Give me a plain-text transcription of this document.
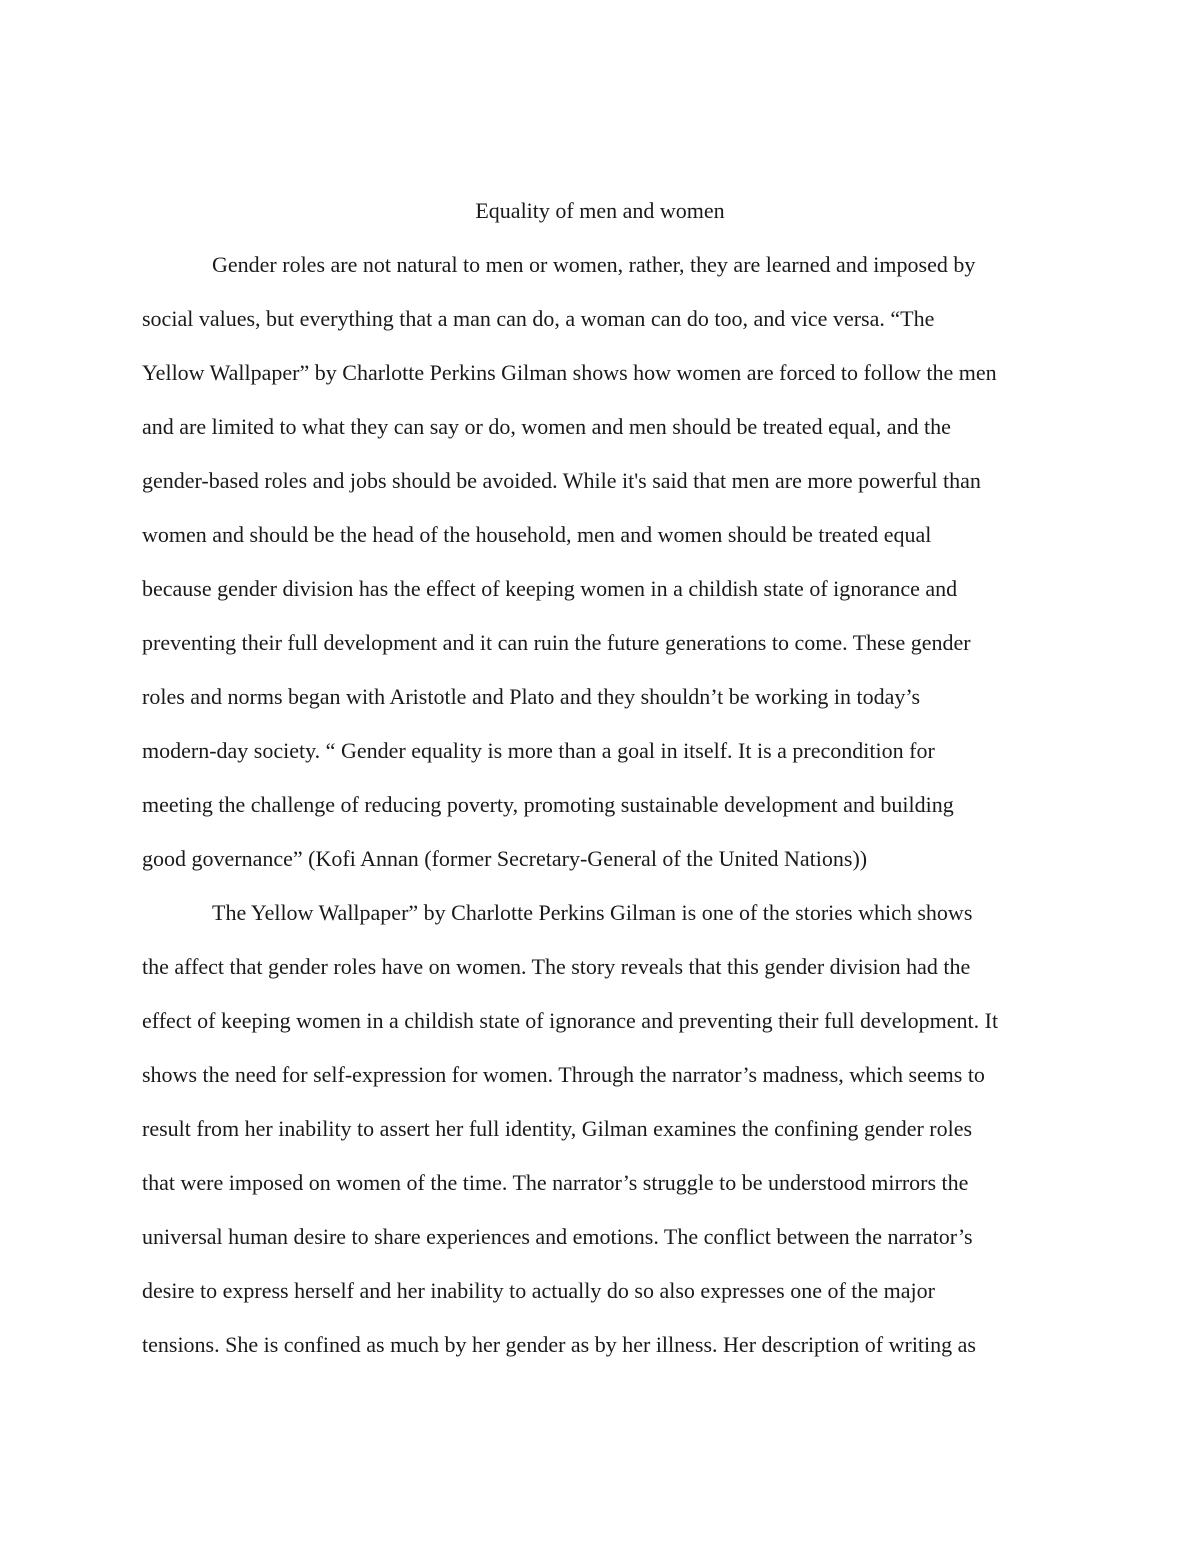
Equality of men and women

Gender roles are not natural to men or women, rather, they are learned and imposed by

social values, but everything that a man can do, a woman can do too, and vice versa. “The

Yellow Wallpaper” by Charlotte Perkins Gilman shows how women are forced to follow the men

and are limited to what they can say or do, women and men should be treated equal, and the

gender-based roles and jobs should be avoided. While it's said that men are more powerful than

women and should be the head of the household, men and women should be treated equal

because gender division has the effect of keeping women in a childish state of ignorance and

preventing their full development and it can ruin the future generations to come. These gender

roles and norms began with Aristotle and Plato and they shouldn’t be working in today’s

modern-day society. “ Gender equality is more than a goal in itself. It is a precondition for

meeting the challenge of reducing poverty, promoting sustainable development and building

good governance” (Kofi Annan (former Secretary-General of the United Nations))

The Yellow Wallpaper” by Charlotte Perkins Gilman is one of the stories which shows

the affect that gender roles have on women. The story reveals that this gender division had the

effect of keeping women in a childish state of ignorance and preventing their full development. It

shows the need for self-expression for women. Through the narrator’s madness, which seems to

result from her inability to assert her full identity, Gilman examines the confining gender roles

that were imposed on women of the time. The narrator’s struggle to be understood mirrors the

universal human desire to share experiences and emotions. The conflict between the narrator’s

desire to express herself and her inability to actually do so also expresses one of the major

tensions. She is confined as much by her gender as by her illness. Her description of writing as
